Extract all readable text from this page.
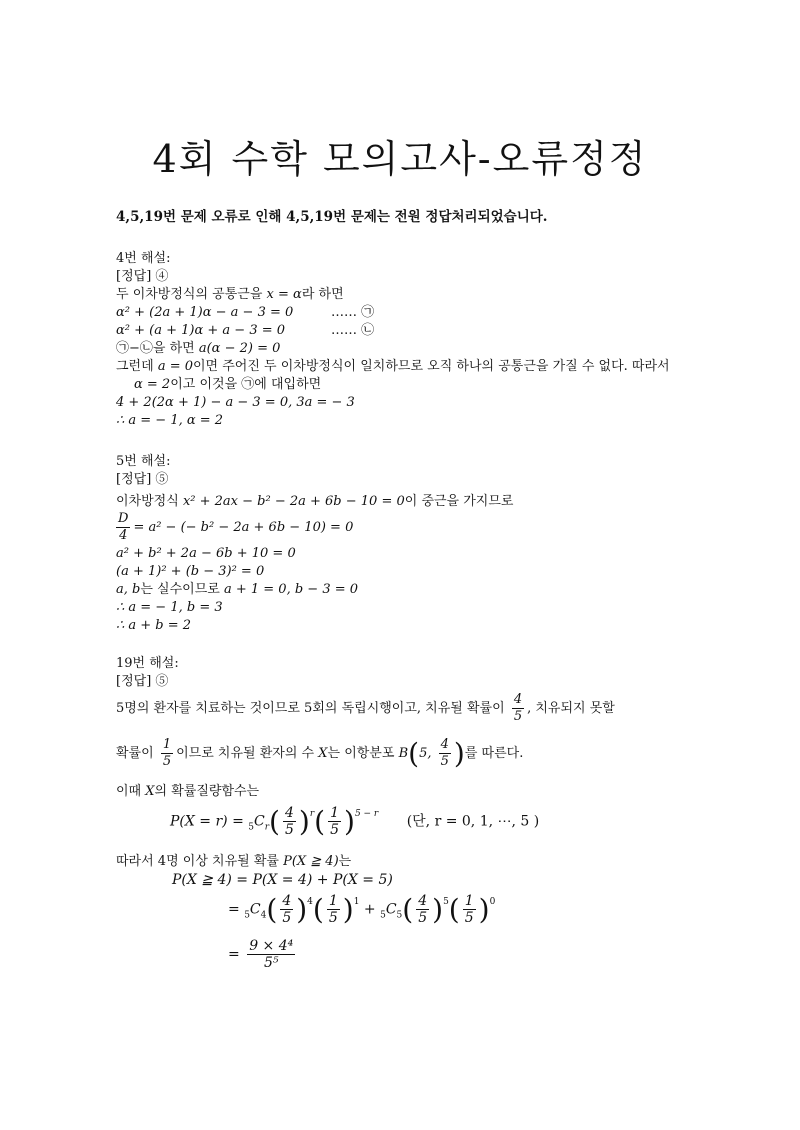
4회 수학 모의고사-오류정정
4,5,19번 문제 오류로 인해 4,5,19번 문제는 전원 정답처리되었습니다.
4번 해설:
[정답] ④
두 이차방정식의 공통근을 x = α라 하면
α² + (2a + 1)α − a − 3 = 0	…… ㉠
α² + (a + 1)α + a − 3 = 0	…… ㉡
㉠−㉡을 하면 a(α − 2) = 0
그런데 a = 0이면 주어진 두 이차방정식이 일치하므로 오직 하나의 공통근을 가질 수 없다. 따라서
α = 2이고 이것을 ㉠에 대입하면
4 + 2(2α + 1) − a − 3 = 0, 3a = − 3
∴ a = − 1, α = 2
5번 해설:
[정답] ⑤
이차방정식 x² + 2ax − b² − 2a + 6b − 10 = 0이 중근을 가지므로
$\frac{D}{4} = a^2$ − (− b² − 2a + 6b − 10) = 0
a² + b² + 2a − 6b + 10 = 0
(a + 1)² + (b − 3)² = 0
a, b는 실수이므로 a + 1 = 0, b − 3 = 0
∴ a = − 1, b = 3
∴ a + b = 2
19번 해설:
[정답] ⑤
5명의 환자를 치료하는 것이므로 5회의 독립시행이고, 치유될 확률이 $\frac{4}{5}$ , 치유되지 못할
확률이 $\frac{1}{5}$ 이므로 치유될 환자의 수 X는 이항분포 B(5, $\frac{4}{5}$ )를 따른다.
이때 X의 확률질량함수는
$P(X = r) = _5C_r( \frac{4}{5} )^r( \frac{1}{5} )^{5 - r}$ (단, r = 0, 1, ⋯, 5 )
따라서 4명 이상 치유될 확률 P(X ≧ 4)는
P(X ≧ 4) = P(X = 4) + P(X = 5)
= $_5C_4( \frac{4}{5} )^4( \frac{1}{5} )^1 + _5C_5( \frac{4}{5} )^5( \frac{1}{5} )^0$
= $\frac{\text{9 × 4⁴}}{\text{5⁵}}$
